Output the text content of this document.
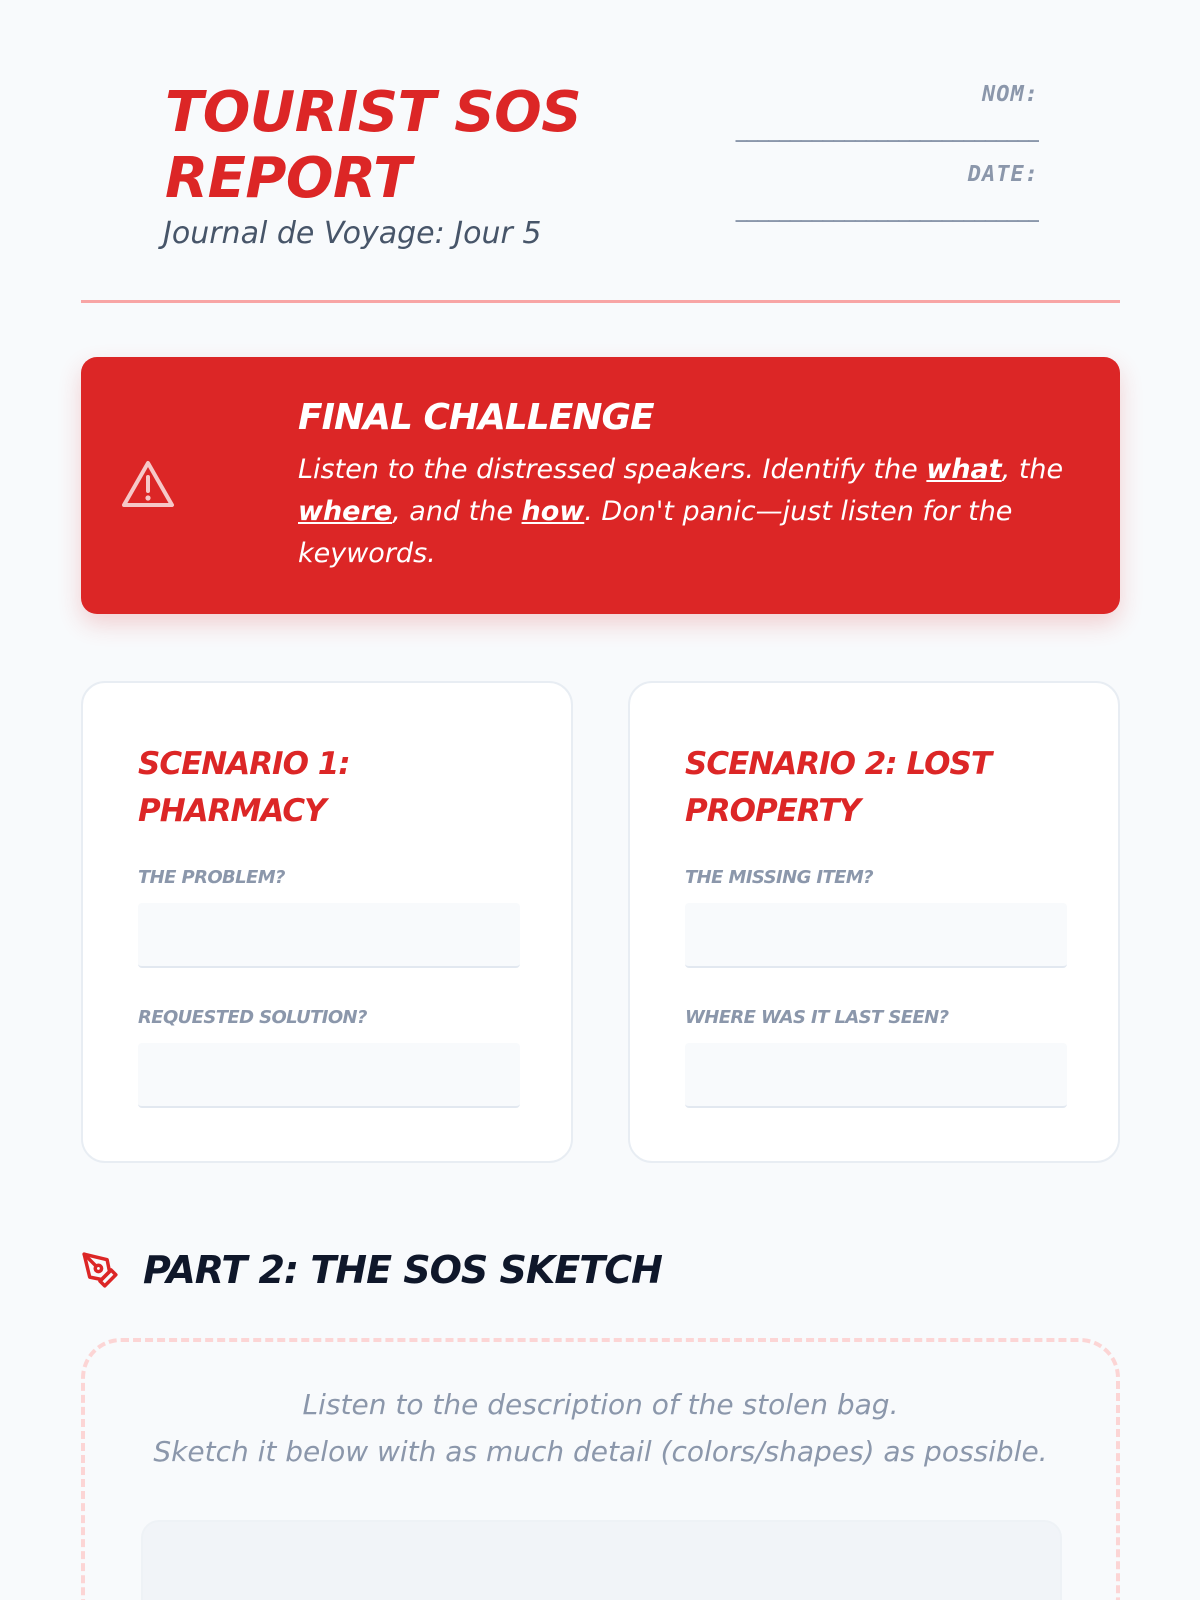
TOURIST SOS REPORT
Journal de Voyage: Jour 5
NOM:
____________________________
DATE:
____________________________
FINAL CHALLENGE
Listen to the distressed speakers. Identify the what, the where, and the how. Don't panic—just listen for the keywords.
SCENARIO 1: PHARMACY
THE PROBLEM?
REQUESTED SOLUTION?
SCENARIO 2: LOST PROPERTY
THE MISSING ITEM?
WHERE WAS IT LAST SEEN?
PART 2: THE SOS SKETCH
Listen to the description of the stolen bag.
Sketch it below with as much detail (colors/shapes) as possible.
